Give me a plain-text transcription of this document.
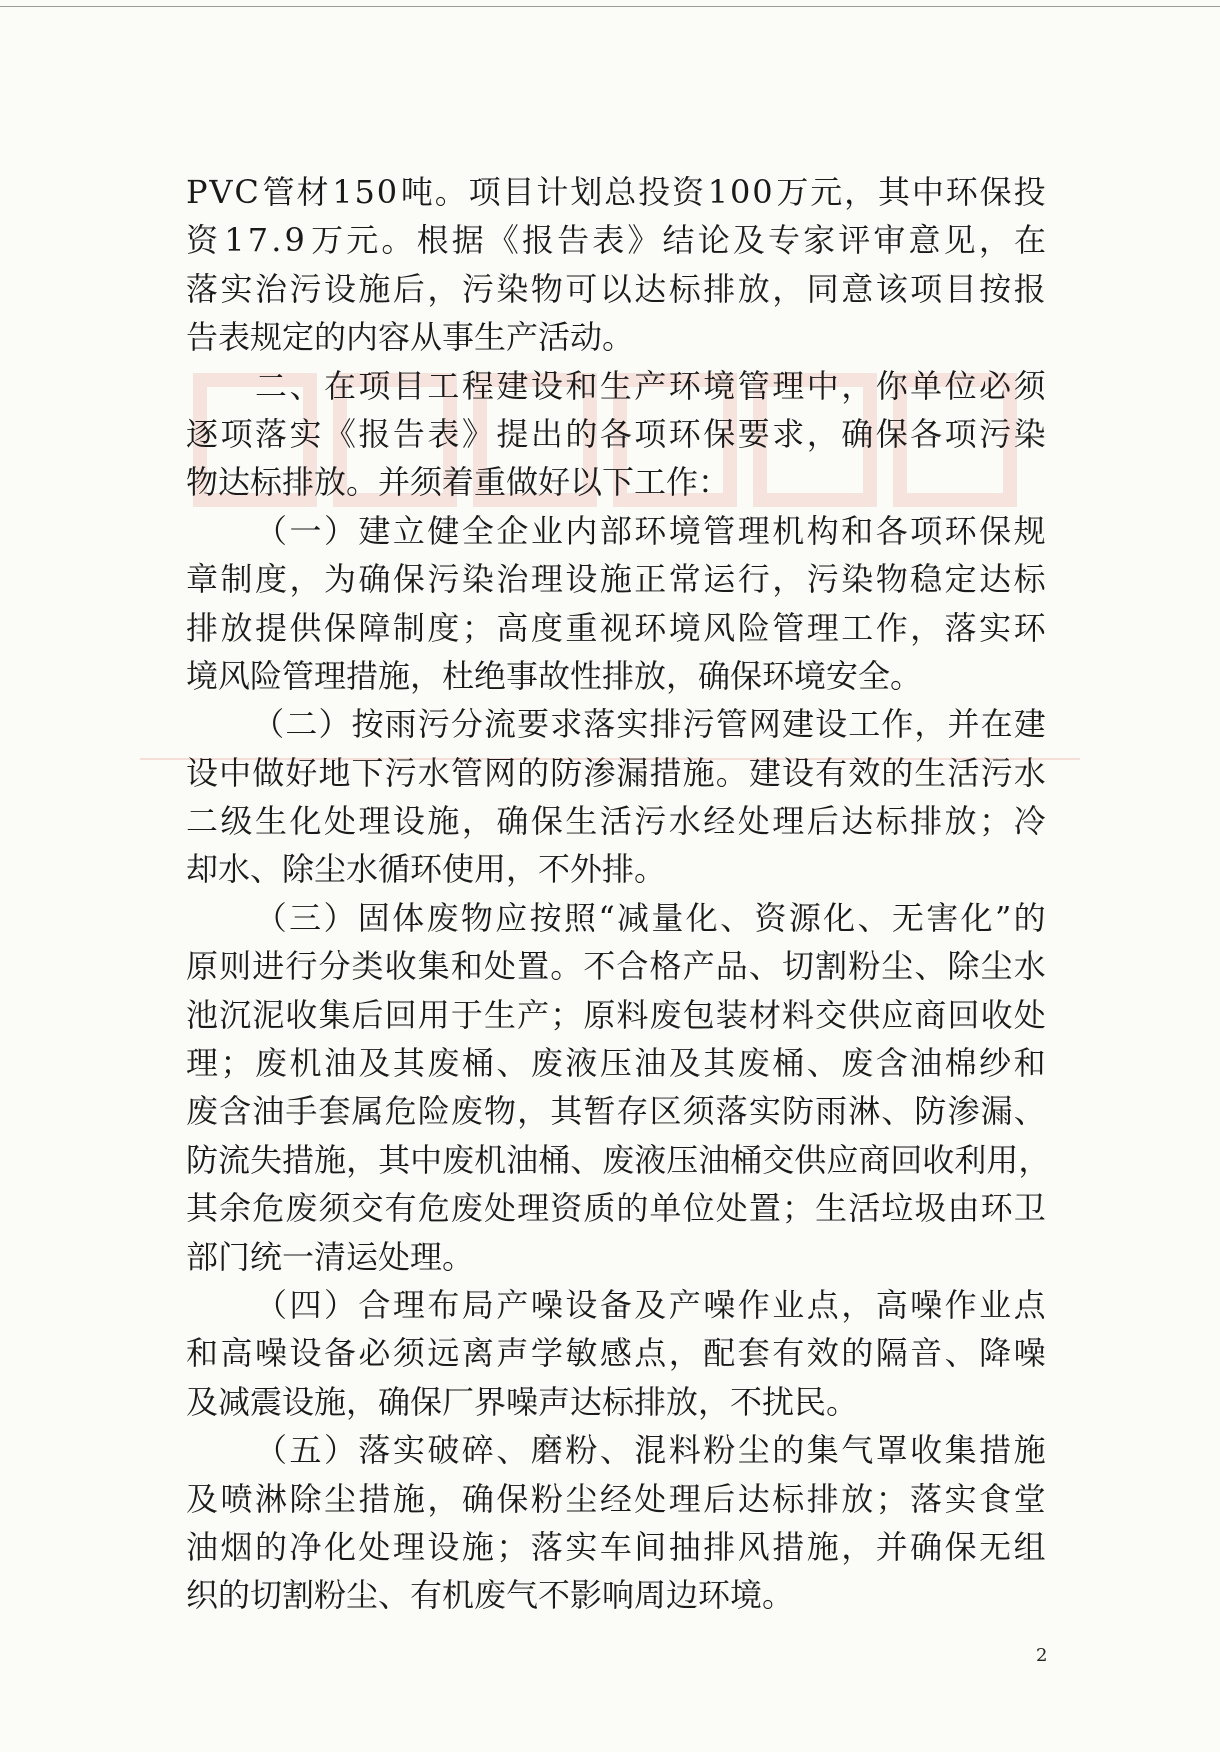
P V C 管 材 1 5 0 吨 。 项 目 计 划 总 投 资 1 0 0 万 元 ， 其 中 环 保 投
资 1 7 . 9 万 元 。 根 据 《 报 告 表 》 结 论 及 专 家 评 审 意 见 ， 在
落 实 治 污 设 施 后 ， 污 染 物 可 以 达 标 排 放 ， 同 意 该 项 目 按 报
告表规定的内容从事生产活动。

二 、 在 项 目 工 程 建 设 和 生 产 环 境 管 理 中 ， 你 单 位 必 须
逐 项 落 实 《 报 告 表 》 提 出 的 各 项 环 保 要 求 ， 确 保 各 项 污 染
物达标排放。并须着重做好以下工作：

（ 一 ） 建 立 健 全 企 业 内 部 环 境 管 理 机 构 和 各 项 环 保 规
章 制 度 ， 为 确 保 污 染 治 理 设 施 正 常 运 行 ， 污 染 物 稳 定 达 标
排 放 提 供 保 障 制 度 ； 高 度 重 视 环 境 风 险 管 理 工 作 ， 落 实 环
境风险管理措施，杜绝事故性排放，确保环境安全。

（ 二 ） 按 雨 污 分 流 要 求 落 实 排 污 管 网 建 设 工 作 ， 并 在 建
设 中 做 好 地 下 污 水 管 网 的 防 渗 漏 措 施 。 建 设 有 效 的 生 活 污 水
二 级 生 化 处 理 设 施 ， 确 保 生 活 污 水 经 处 理 后 达 标 排 放 ； 冷
却水、除尘水循环使用，不外排。

（ 三 ） 固 体 废 物 应 按 照 “ 减 量 化 、 资 源 化 、 无 害 化 ” 的
原 则 进 行 分 类 收 集 和 处 置 。 不 合 格 产 品 、 切 割 粉 尘 、 除 尘 水
池 沉 泥 收 集 后 回 用 于 生 产 ； 原 料 废 包 装 材 料 交 供 应 商 回 收 处
理 ； 废 机 油 及 其 废 桶 、 废 液 压 油 及 其 废 桶 、 废 含 油 棉 纱 和
废 含 油 手 套 属 危 险 废 物 ， 其 暂 存 区 须 落 实 防 雨 淋 、 防 渗 漏 、
防 流 失 措 施 ， 其 中 废 机 油 桶 、 废 液 压 油 桶 交 供 应 商 回 收 利 用 ，
其 余 危 废 须 交 有 危 废 处 理 资 质 的 单 位 处 置 ； 生 活 垃 圾 由 环 卫
部门统一清运处理。

（ 四 ） 合 理 布 局 产 噪 设 备 及 产 噪 作 业 点 ， 高 噪 作 业 点
和 高 噪 设 备 必 须 远 离 声 学 敏 感 点 ， 配 套 有 效 的 隔 音 、 降 噪
及减震设施，确保厂界噪声达标排放，不扰民。

（ 五 ） 落 实 破 碎 、 磨 粉 、 混 料 粉 尘 的 集 气 罩 收 集 措 施
及 喷 淋 除 尘 措 施 ， 确 保 粉 尘 经 处 理 后 达 标 排 放 ； 落 实 食 堂
油 烟 的 净 化 处 理 设 施 ； 落 实 车 间 抽 排 风 措 施 ， 并 确 保 无 组
织的切割粉尘、有机废气不影响周边环境。
2
